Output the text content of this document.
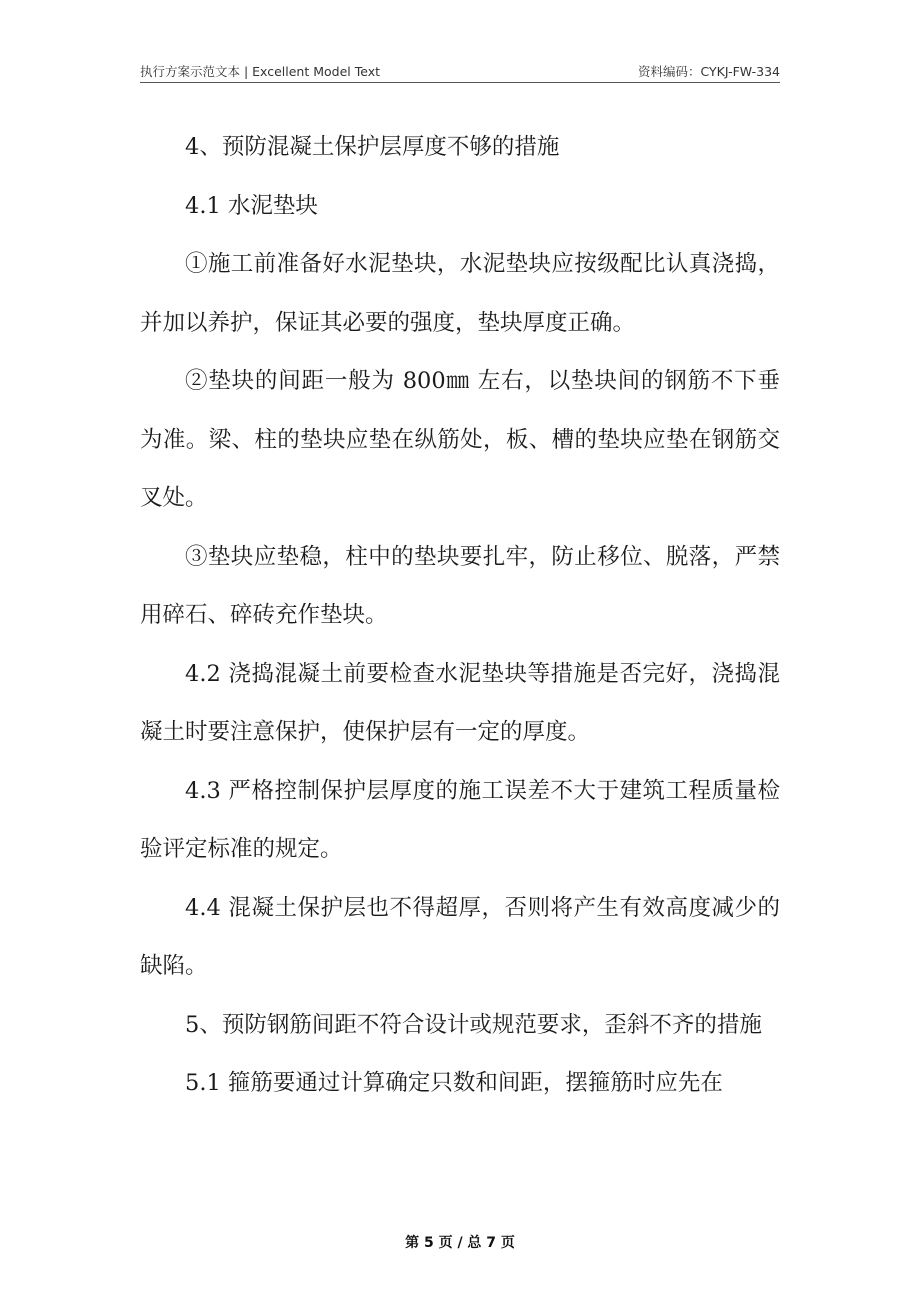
执行方案示范文本 | Excellent Model Text	资料编码：CYKJ-FW-334

4、预防混凝土保护层厚度不够的措施

4.1 水泥垫块

①施工前准备好水泥垫块，水泥垫块应按级配比认真浇捣，并加以养护，保证其必要的强度，垫块厚度正确。

②垫块的间距一般为 800㎜ 左右，以垫块间的钢筋不下垂为准。梁、柱的垫块应垫在纵筋处，板、槽的垫块应垫在钢筋交叉处。

③垫块应垫稳，柱中的垫块要扎牢，防止移位、脱落，严禁用碎石、碎砖充作垫块。

4.2 浇捣混凝土前要检查水泥垫块等措施是否完好，浇捣混凝土时要注意保护，使保护层有一定的厚度。

4.3 严格控制保护层厚度的施工误差不大于建筑工程质量检验评定标准的规定。

4.4 混凝土保护层也不得超厚，否则将产生有效高度减少的缺陷。

5、预防钢筋间距不符合设计或规范要求，歪斜不齐的措施

5.1 箍筋要通过计算确定只数和间距，摆箍筋时应先在

第 5 页 / 总 7 页
